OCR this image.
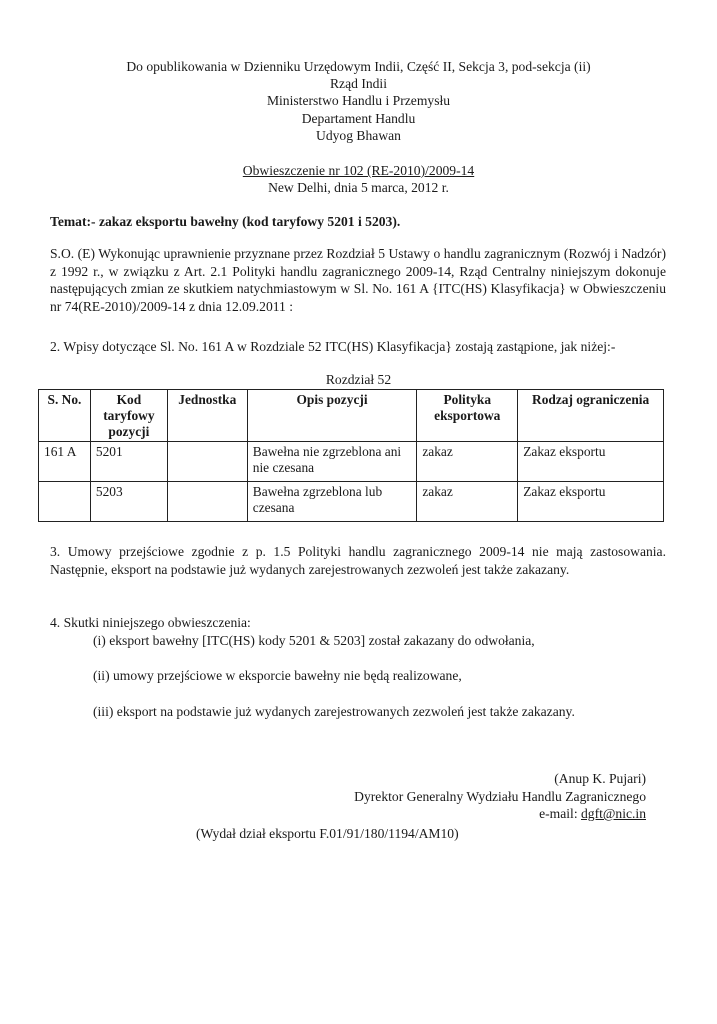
Do opublikowania w Dzienniku Urzędowym Indii, Część II, Sekcja 3, pod-sekcja (ii)
Rząd Indii
Ministerstwo Handlu i Przemysłu
Departament Handlu
Udyog Bhawan
Obwieszczenie nr 102 (RE-2010)/2009-14
New Delhi, dnia 5 marca, 2012 r.
Temat:- zakaz eksportu bawełny (kod taryfowy 5201 i 5203).
S.O. (E) Wykonując uprawnienie przyznane przez Rozdział 5 Ustawy o handlu zagranicznym (Rozwój i Nadzór) z 1992 r., w związku z Art. 2.1 Polityki handlu zagranicznego 2009-14, Rząd Centralny niniejszym dokonuje następujących zmian ze skutkiem natychmiastowym w Sl. No. 161 A {ITC(HS) Klasyfikacja} w Obwieszczeniu nr 74(RE-2010)/2009-14 z dnia 12.09.2011 :
2. Wpisy dotyczące Sl. No. 161 A w Rozdziale 52 ITC(HS) Klasyfikacja} zostają zastąpione, jak niżej:-
Rozdział 52
S. No.	Kod taryfowy pozycji	Jednostka	Opis pozycji	Polityka eksportowa	Rodzaj ograniczenia
161 A	5201		Bawełna nie zgrzeblona ani nie czesana	zakaz	Zakaz eksportu
	5203		Bawełna zgrzeblona lub czesana	zakaz	Zakaz eksportu
3. Umowy przejściowe zgodnie z p. 1.5 Polityki handlu zagranicznego 2009-14 nie mają zastosowania. Następnie, eksport na podstawie już wydanych zarejestrowanych zezwoleń jest także zakazany.
4. Skutki niniejszego obwieszczenia:
(i) eksport bawełny [ITC(HS) kody 5201 & 5203] został zakazany do odwołania,
(ii) umowy przejściowe w eksporcie bawełny nie będą realizowane,
(iii) eksport na podstawie już wydanych zarejestrowanych zezwoleń jest także zakazany.
(Anup K. Pujari)
Dyrektor Generalny Wydziału Handlu Zagranicznego
e-mail: dgft@nic.in
(Wydał dział eksportu F.01/91/180/1194/AM10)
